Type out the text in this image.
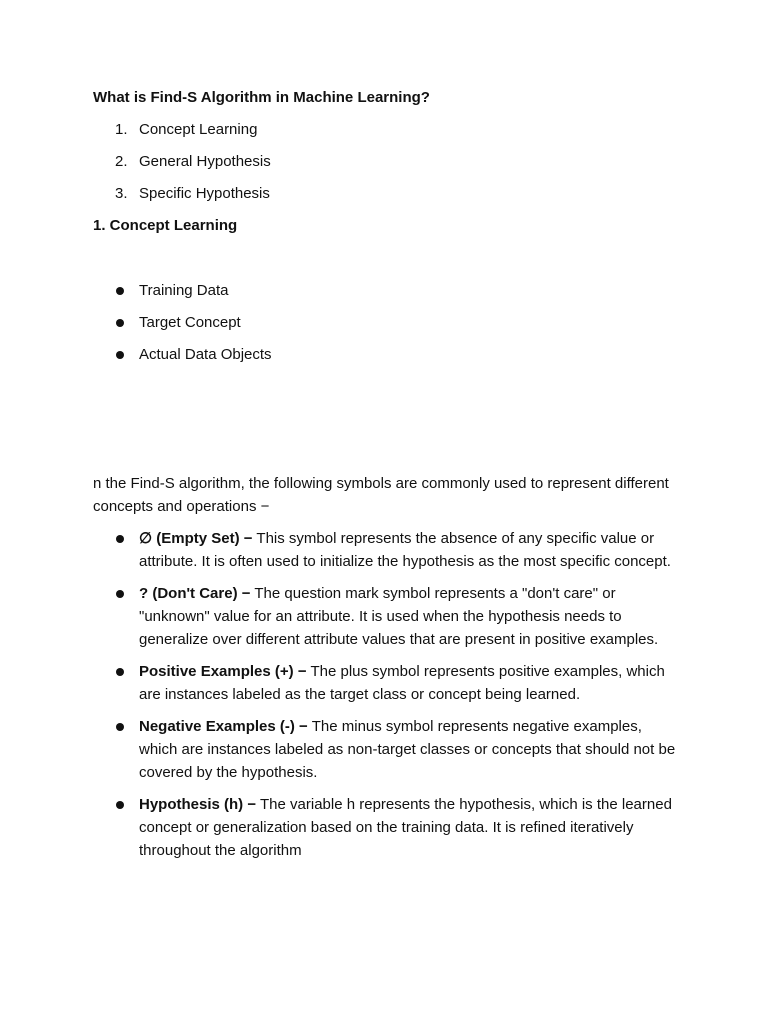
What is Find-S Algorithm in Machine Learning?
1. Concept Learning
2. General Hypothesis
3. Specific Hypothesis
1. Concept Learning
Training Data
Target Concept
Actual Data Objects
n the Find-S algorithm, the following symbols are commonly used to represent different concepts and operations −
∅ (Empty Set) − This symbol represents the absence of any specific value or attribute. It is often used to initialize the hypothesis as the most specific concept.
? (Don't Care) − The question mark symbol represents a "don't care" or "unknown" value for an attribute. It is used when the hypothesis needs to generalize over different attribute values that are present in positive examples.
Positive Examples (+) − The plus symbol represents positive examples, which are instances labeled as the target class or concept being learned.
Negative Examples (-) − The minus symbol represents negative examples, which are instances labeled as non-target classes or concepts that should not be covered by the hypothesis.
Hypothesis (h) − The variable h represents the hypothesis, which is the learned concept or generalization based on the training data. It is refined iteratively throughout the algorithm
